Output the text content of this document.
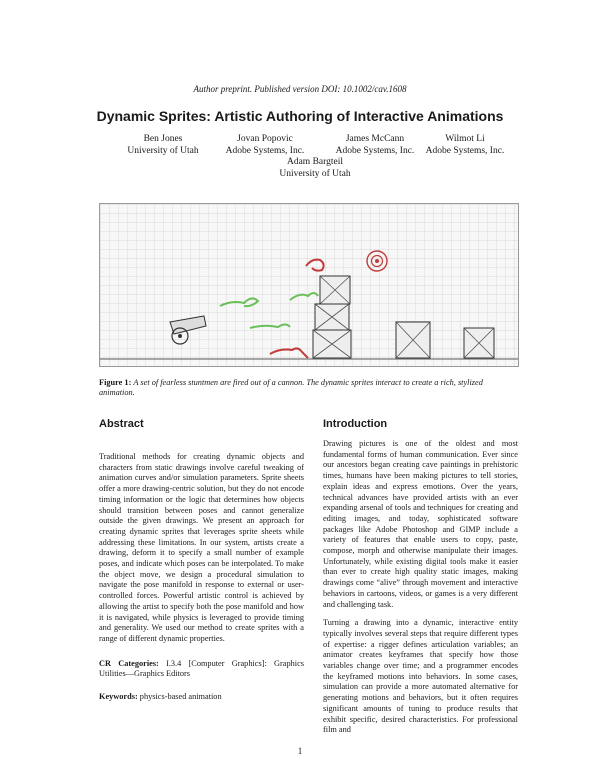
Author preprint. Published version DOI: 10.1002/cav.1608
Dynamic Sprites: Artistic Authoring of Interactive Animations
Ben Jones
University of Utah
Jovan Popovic
Adobe Systems, Inc.
James McCann
Adobe Systems, Inc.
Wilmot Li
Adobe Systems, Inc.
Adam Bargteil
University of Utah
Figure 1: A set of fearless stuntmen are fired out of a cannon. The dynamic sprites interact to create a rich, stylized animation.
Abstract

Traditional methods for creating dynamic objects and characters from static drawings involve careful tweaking of animation curves and/or simulation parameters. Sprite sheets offer a more drawing-centric solution, but they do not encode timing information or the logic that determines how objects should transition between poses and cannot generalize outside the given drawings. We present an approach for creating dynamic sprites that leverages sprite sheets while addressing these limitations. In our system, artists create a drawing, deform it to specify a small number of example poses, and indicate which poses can be interpolated. To make the object move, we design a procedural simulation to navigate the pose manifold in response to external or user-controlled forces. Powerful artistic control is achieved by allowing the artist to specify both the pose manifold and how it is navigated, while physics is leveraged to provide timing and generality. We used our method to create sprites with a range of different dynamic properties.

CR Categories: I.3.4 [Computer Graphics]: Graphics Utilities—Graphics Editors

Keywords: physics-based animation

Introduction

Drawing pictures is one of the oldest and most fundamental forms of human communication. Ever since our ancestors began creating cave paintings in prehistoric times, humans have been making pictures to tell stories, explain ideas and express emotions. Over the years, technical advances have provided artists with an ever expanding arsenal of tools and techniques for creating and editing images, and today, sophisticated software packages like Adobe Photoshop and GIMP include a variety of features that enable users to copy, paste, compose, morph and otherwise manipulate their images. Unfortunately, while existing digital tools make it easier than ever to create high quality static images, making drawings come “alive” through movement and interactive behaviors in cartoons, videos, or games is a very different and challenging task.

Turning a drawing into a dynamic, interactive entity typically involves several steps that require different types of expertise: a rigger defines articulation variables; an animator creates keyframes that specify how those variables change over time; and a programmer encodes the keyframed motions into behaviors. In some cases, simulation can provide a more automated alternative for generating motions and behaviors, but it often requires significant amounts of tuning to produce results that exhibit specific, desired characteristics. For professional film and

1
